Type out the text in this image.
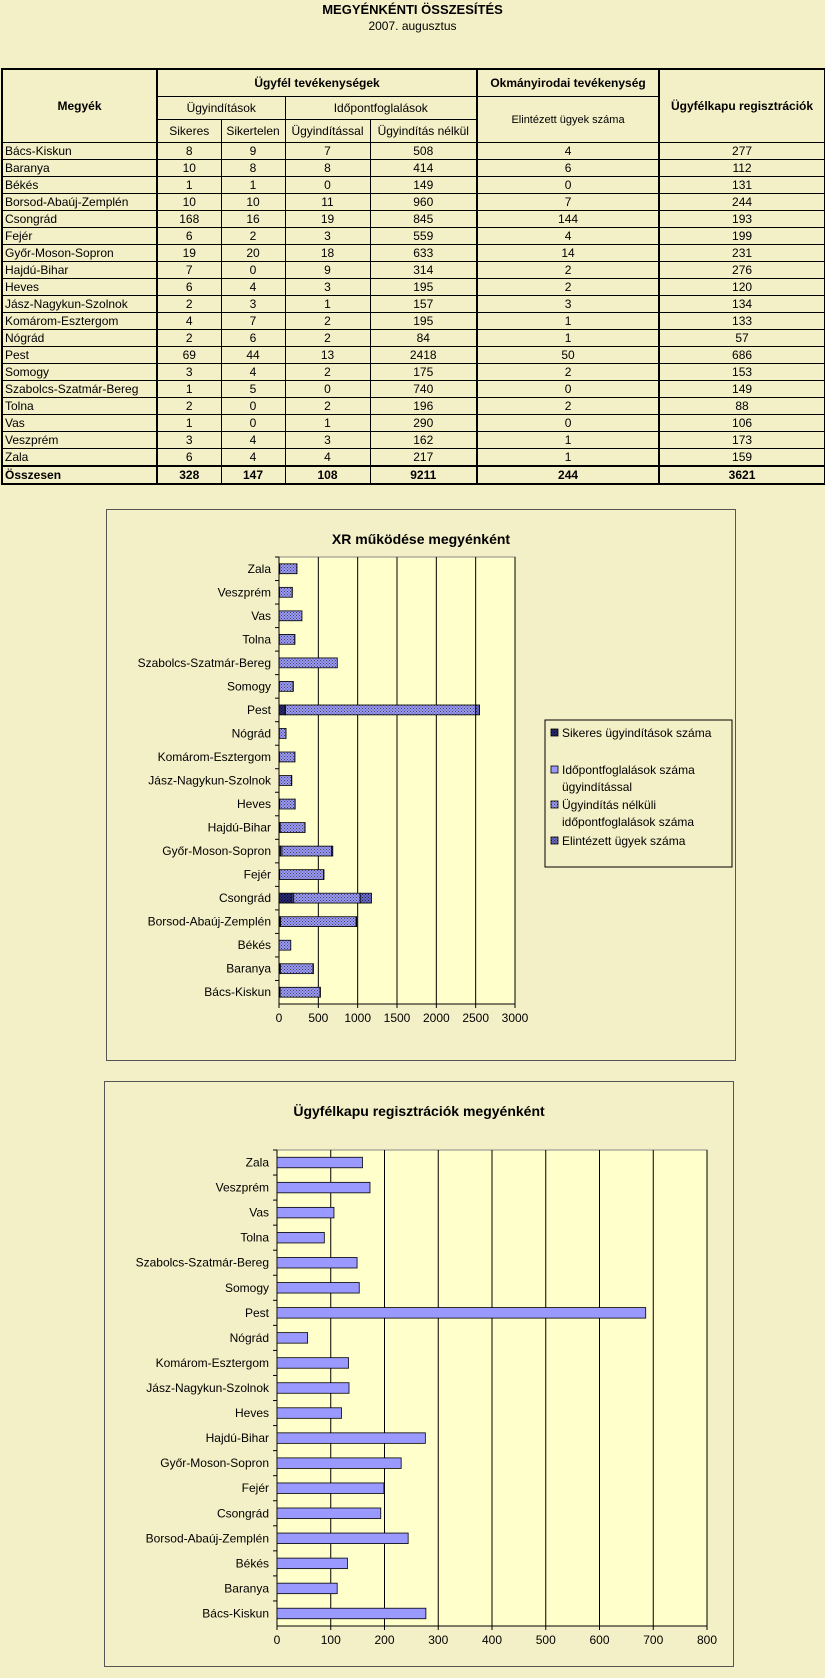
MEGYÉNKÉNTI ÖSSZESÍTÉS
2007. augusztus
Megyék	Ügyfél tevékenységek				Okmányirodai tevékenység	Ügyfélkapu regisztrációk
	Ügyindítások		Időpontfoglalások		Elintézett ügyek száma	
	Sikeres	Sikertelen	Ügyindítással	Ügyindítás nélkül		
Bács-Kiskun	8	9	7	508	4	277
Baranya	10	8	8	414	6	112
Békés	1	1	0	149	0	131
Borsod-Abaúj-Zemplén	10	10	11	960	7	244
Csongrád	168	16	19	845	144	193
Fejér	6	2	3	559	4	199
Győr-Moson-Sopron	19	20	18	633	14	231
Hajdú-Bihar	7	0	9	314	2	276
Heves	6	4	3	195	2	120
Jász-Nagykun-Szolnok	2	3	1	157	3	134
Komárom-Esztergom	4	7	2	195	1	133
Nógrád	2	6	2	84	1	57
Pest	69	44	13	2418	50	686
Somogy	3	4	2	175	2	153
Szabolcs-Szatmár-Bereg	1	5	0	740	0	149
Tolna	2	0	2	196	2	88
Vas	1	0	1	290	0	106
Veszprém	3	4	3	162	1	173
Zala	6	4	4	217	1	159
Összesen	328	147	108	9211	244	3621
XR működése megyénként
0 500 1000 1500 2000 2500 3000
Zala
Veszprém
Vas
Tolna
Szabolcs-Szatmár-Bereg
Somogy
Pest
Nógrád
Komárom-Esztergom
Jász-Nagykun-Szolnok
Heves
Hajdú-Bihar
Győr-Moson-Sopron
Fejér
Csongrád
Borsod-Abaúj-Zemplén
Békés
Baranya
Bács-Kiskun
Sikeres ügyindítások száma
Időpontfoglalások száma
ügyindítással
Ügyindítás nélküli
időpontfoglalások száma
Elintézett ügyek száma
Ügyfélkapu regisztrációk megyénként
0	100	200	300	400	500	600	700	800
Zala
Veszprém
Vas
Tolna
Szabolcs-Szatmár-Bereg
Somogy
Pest
Nógrád
Komárom-Esztergom
Jász-Nagykun-Szolnok
Heves
Hajdú-Bihar
Győr-Moson-Sopron
Fejér
Csongrád
Borsod-Abaúj-Zemplén
Békés
Baranya
Bács-Kiskun
